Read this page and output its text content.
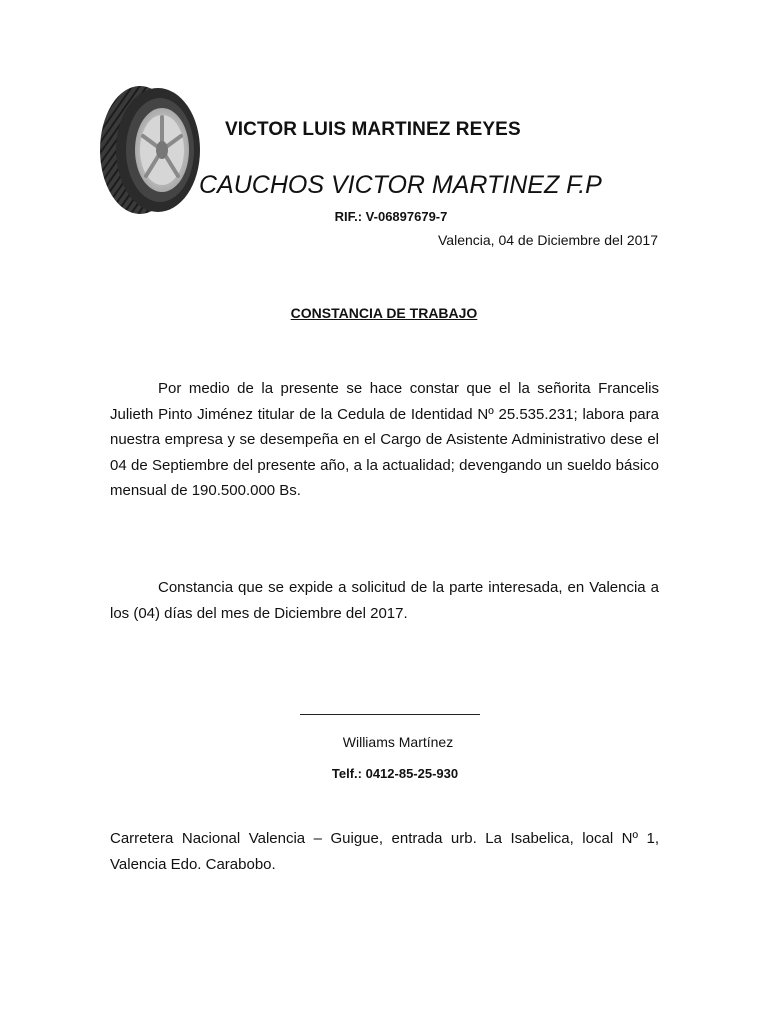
VICTOR LUIS MARTINEZ REYES
CAUCHOS VICTOR MARTINEZ F.P
RIF.: V-06897679-7
Valencia, 04 de Diciembre del 2017
CONSTANCIA DE TRABAJO
Por medio de la presente se hace constar que el la señorita Francelis Julieth Pinto Jiménez titular de la Cedula de Identidad Nº 25.535.231; labora para nuestra empresa y se desempeña en el Cargo de Asistente Administrativo dese el 04 de Septiembre del presente año, a la actualidad; devengando un sueldo básico mensual de 190.500.000 Bs.
Constancia que se expide a solicitud de la parte interesada, en Valencia a los (04) días del mes de Diciembre del 2017.
Williams Martínez
Telf.: 0412-85-25-930
Carretera Nacional Valencia – Guigue, entrada urb. La Isabelica, local Nº 1, Valencia Edo. Carabobo.
